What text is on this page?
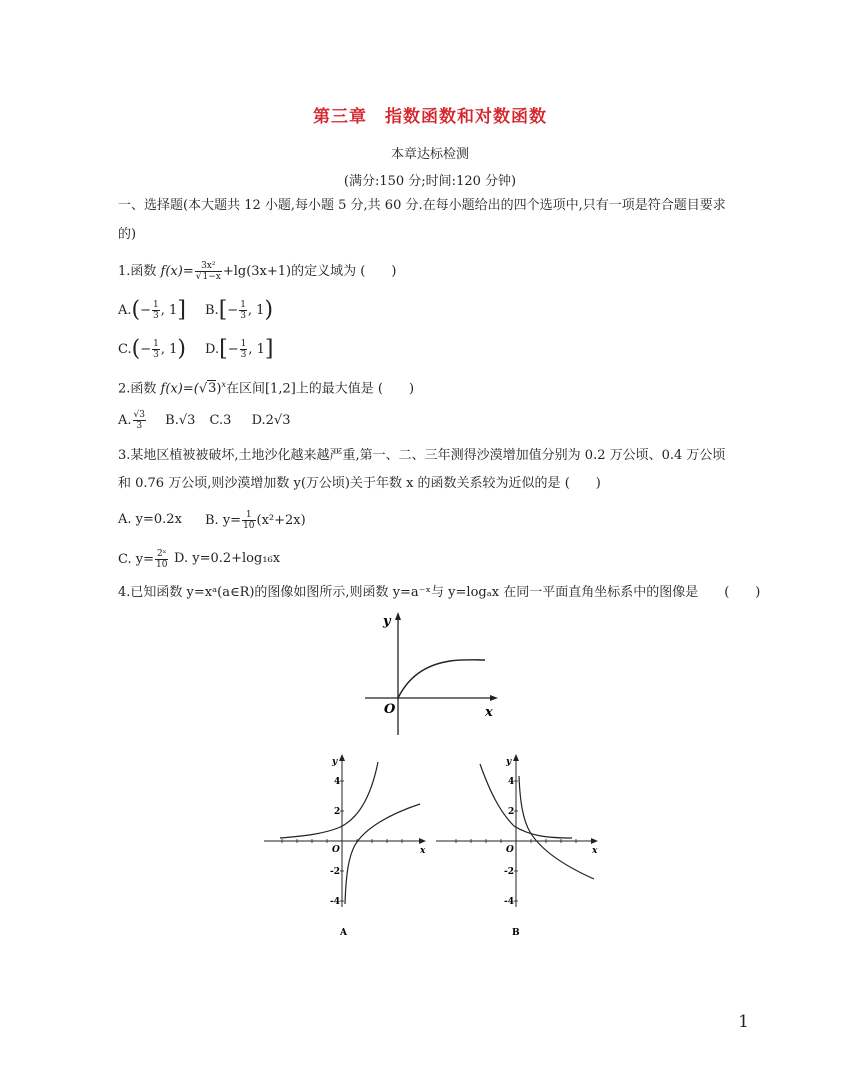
第三章　指数函数和对数函数
本章达标检测
(满分:150 分;时间:120 分钟)
一、选择题(本大题共 12 小题,每小题 5 分,共 60 分.在每小题给出的四个选项中,只有一项是符合题目要求
的)
1.函数 $f(x)= \frac{\text{3x²}}{√1-x} +\lg(3x+1)$的定义域为 (　　)
$A.(- \frac{1}{3}$ , 1] $B.[- \frac{1}{3}$ , 1)
$C.(- \frac{1}{3}$ , 1) $D.[- \frac{1}{3}$ , 1]
2.函数 $f(x)=(√3)^x$在区间[1,2]上的最大值是 (　　)
A. $\frac{√3}{3} B.√3$ C.3 D.2√3
3.某地区植被被破坏,土地沙化越来越严重,第一、二、三年测得沙漠增加值分别为 0.2 万公顷、0.4 万公顷
和 0.76 万公顷,则沙漠增加数 y(万公顷)关于年数 x 的函数关系较为近似的是 (　　)
A. y=0.2x B. $y= \frac{1}{10} (x^2+2x)$
C. $y= \frac{\text{2ˣ}}{10} D$. y=0.2+log₁₆x
4.已知函数 y=xᵃ(a∈R)的图像如图所示,则函数 y=a⁻ˣ与 y=logₐx 在同一平面直角坐标系中的图像是　　(　　)
y
x
O
y
x
O
4
2
-2
-4
A
y
x
O
4
2
-2
-4
B
1
